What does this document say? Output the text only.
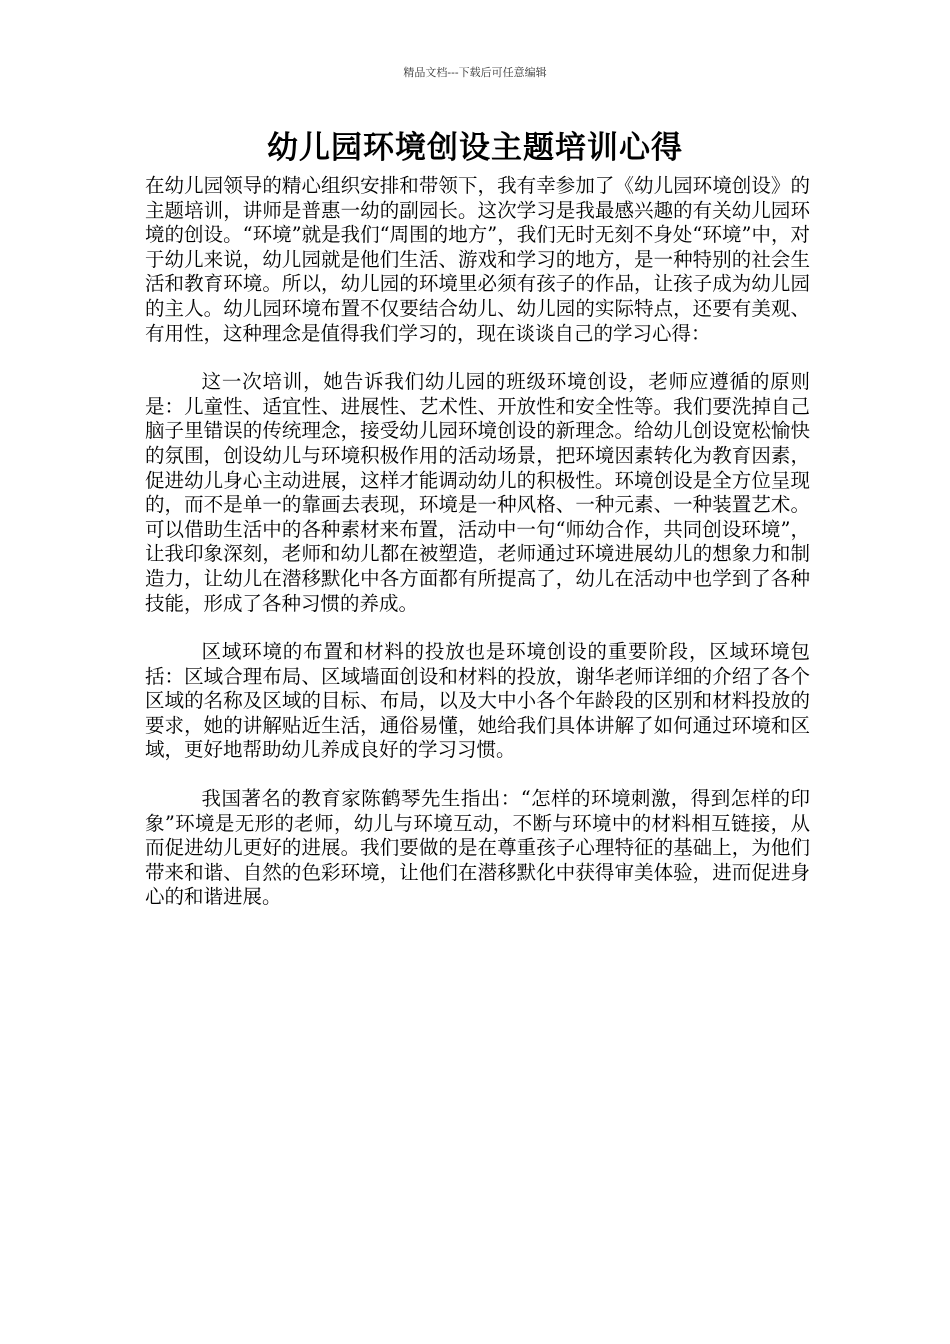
精品文档---下载后可任意编辑
幼儿园环境创设主题培训心得

在幼儿园领导的精心组织安排和带领下，我有幸参加了《幼儿园环境创设》的主题培训，讲师是普惠一幼的副园长。这次学习是我最感兴趣的有关幼儿园环境的创设。“环境”就是我们“周围的地方”，我们无时无刻不身处“环境”中，对于幼儿来说，幼儿园就是他们生活、游戏和学习的地方，是一种特别的社会生活和教育环境。所以，幼儿园的环境里必须有孩子的作品，让孩子成为幼儿园的主人。幼儿园环境布置不仅要结合幼儿、幼儿园的实际特点，还要有美观、有用性，这种理念是值得我们学习的，现在谈谈自己的学习心得：

这一次培训，她告诉我们幼儿园的班级环境创设，老师应遵循的原则是：儿童性、适宜性、进展性、艺术性、开放性和安全性等。我们要洗掉自己脑子里错误的传统理念，接受幼儿园环境创设的新理念。给幼儿创设宽松愉快的氛围，创设幼儿与环境积极作用的活动场景，把环境因素转化为教育因素，促进幼儿身心主动进展，这样才能调动幼儿的积极性。环境创设是全方位呈现的，而不是单一的靠画去表现，环境是一种风格、一种元素、一种装置艺术。可以借助生活中的各种素材来布置，活动中一句“师幼合作，共同创设环境”，让我印象深刻，老师和幼儿都在被塑造，老师通过环境进展幼儿的想象力和制造力，让幼儿在潜移默化中各方面都有所提高了，幼儿在活动中也学到了各种技能，形成了各种习惯的养成。

区域环境的布置和材料的投放也是环境创设的重要阶段，区域环境包括：区域合理布局、区域墙面创设和材料的投放，谢华老师详细的介绍了各个区域的名称及区域的目标、布局，以及大中小各个年龄段的区别和材料投放的要求，她的讲解贴近生活，通俗易懂，她给我们具体讲解了如何通过环境和区域，更好地帮助幼儿养成良好的学习习惯。

我国著名的教育家陈鹤琴先生指出：“怎样的环境刺激，得到怎样的印象”环境是无形的老师，幼儿与环境互动，不断与环境中的材料相互链接，从而促进幼儿更好的进展。我们要做的是在尊重孩子心理特征的基础上，为他们带来和谐、自然的色彩环境，让他们在潜移默化中获得审美体验，进而促进身心的和谐进展。
